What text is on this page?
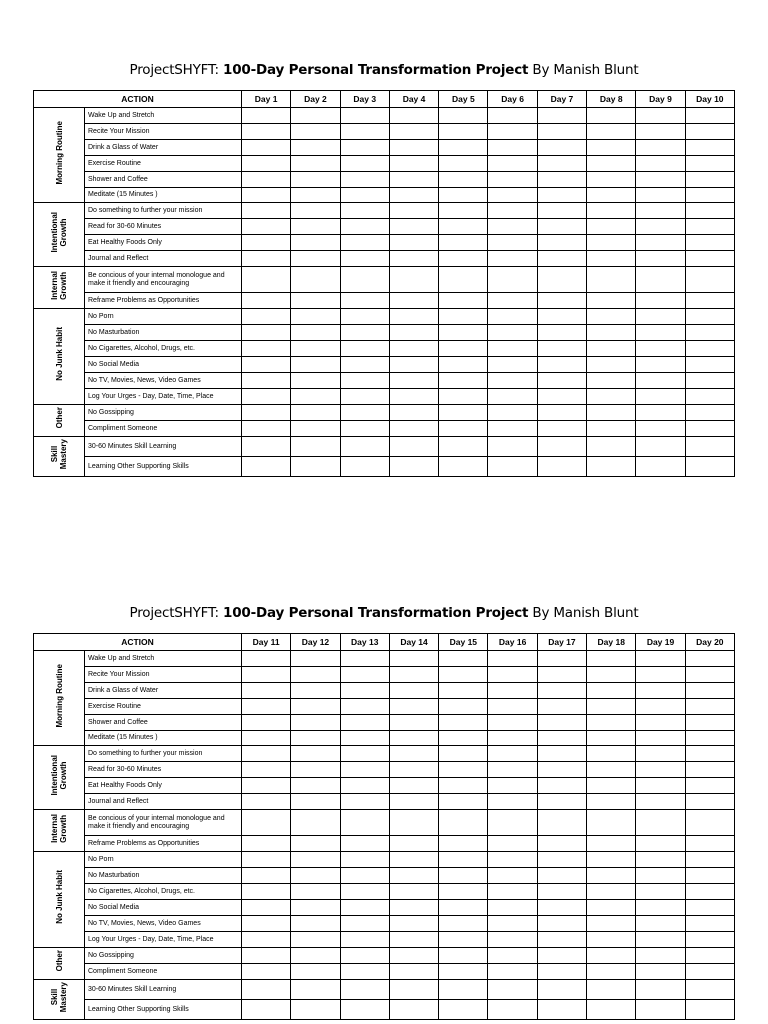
ProjectSHYFT: 100-Day Personal Transformation Project By Manish Blunt
ACTION		Day 1	Day 2	Day 3	Day 4	Day 5	Day 6	Day 7	Day 8	Day 9	Day 10

Morning Routine	Wake Up and Stretch										
	Recite Your Mission										
	Drink a Glass of Water										
	Exercise Routine										
	Shower and Coffee										
	Meditate (15 Minutes )										

Intentional Growth	Do something to further your mission										
	Read for 30-60 Minutes										
	Eat Healthy Foods Only										
	Journal and Reflect										

Internal Growth	Be concious of your internal monologue and make it friendly and encouraging										
	Reframe Problems as Opportunities										

No Junk Habit	No Porn										
	No Masturbation										
	No Cigarettes, Alcohol, Drugs, etc.										
	No Social Media										
	No TV, Movies, News, Video Games										
	Log Your Urges - Day, Date, Time, Place										

Other	No Gossipping										
	Compliment Someone										

Skill Mastery	30-60 Minutes Skill Learning										
	Learning Other Supporting Skills										
ProjectSHYFT: 100-Day Personal Transformation Project By Manish Blunt
ACTION		Day 11	Day 12	Day 13	Day 14	Day 15	Day 16	Day 17	Day 18	Day 19	Day 20

Morning Routine	Wake Up and Stretch										
	Recite Your Mission										
	Drink a Glass of Water										
	Exercise Routine										
	Shower and Coffee										
	Meditate (15 Minutes )										

Intentional Growth	Do something to further your mission										
	Read for 30-60 Minutes										
	Eat Healthy Foods Only										
	Journal and Reflect										

Internal Growth	Be concious of your internal monologue and make it friendly and encouraging										
	Reframe Problems as Opportunities										

No Junk Habit	No Porn										
	No Masturbation										
	No Cigarettes, Alcohol, Drugs, etc.										
	No Social Media										
	No TV, Movies, News, Video Games										
	Log Your Urges - Day, Date, Time, Place										

Other	No Gossipping										
	Compliment Someone										

Skill Mastery	30-60 Minutes Skill Learning										
	Learning Other Supporting Skills										
